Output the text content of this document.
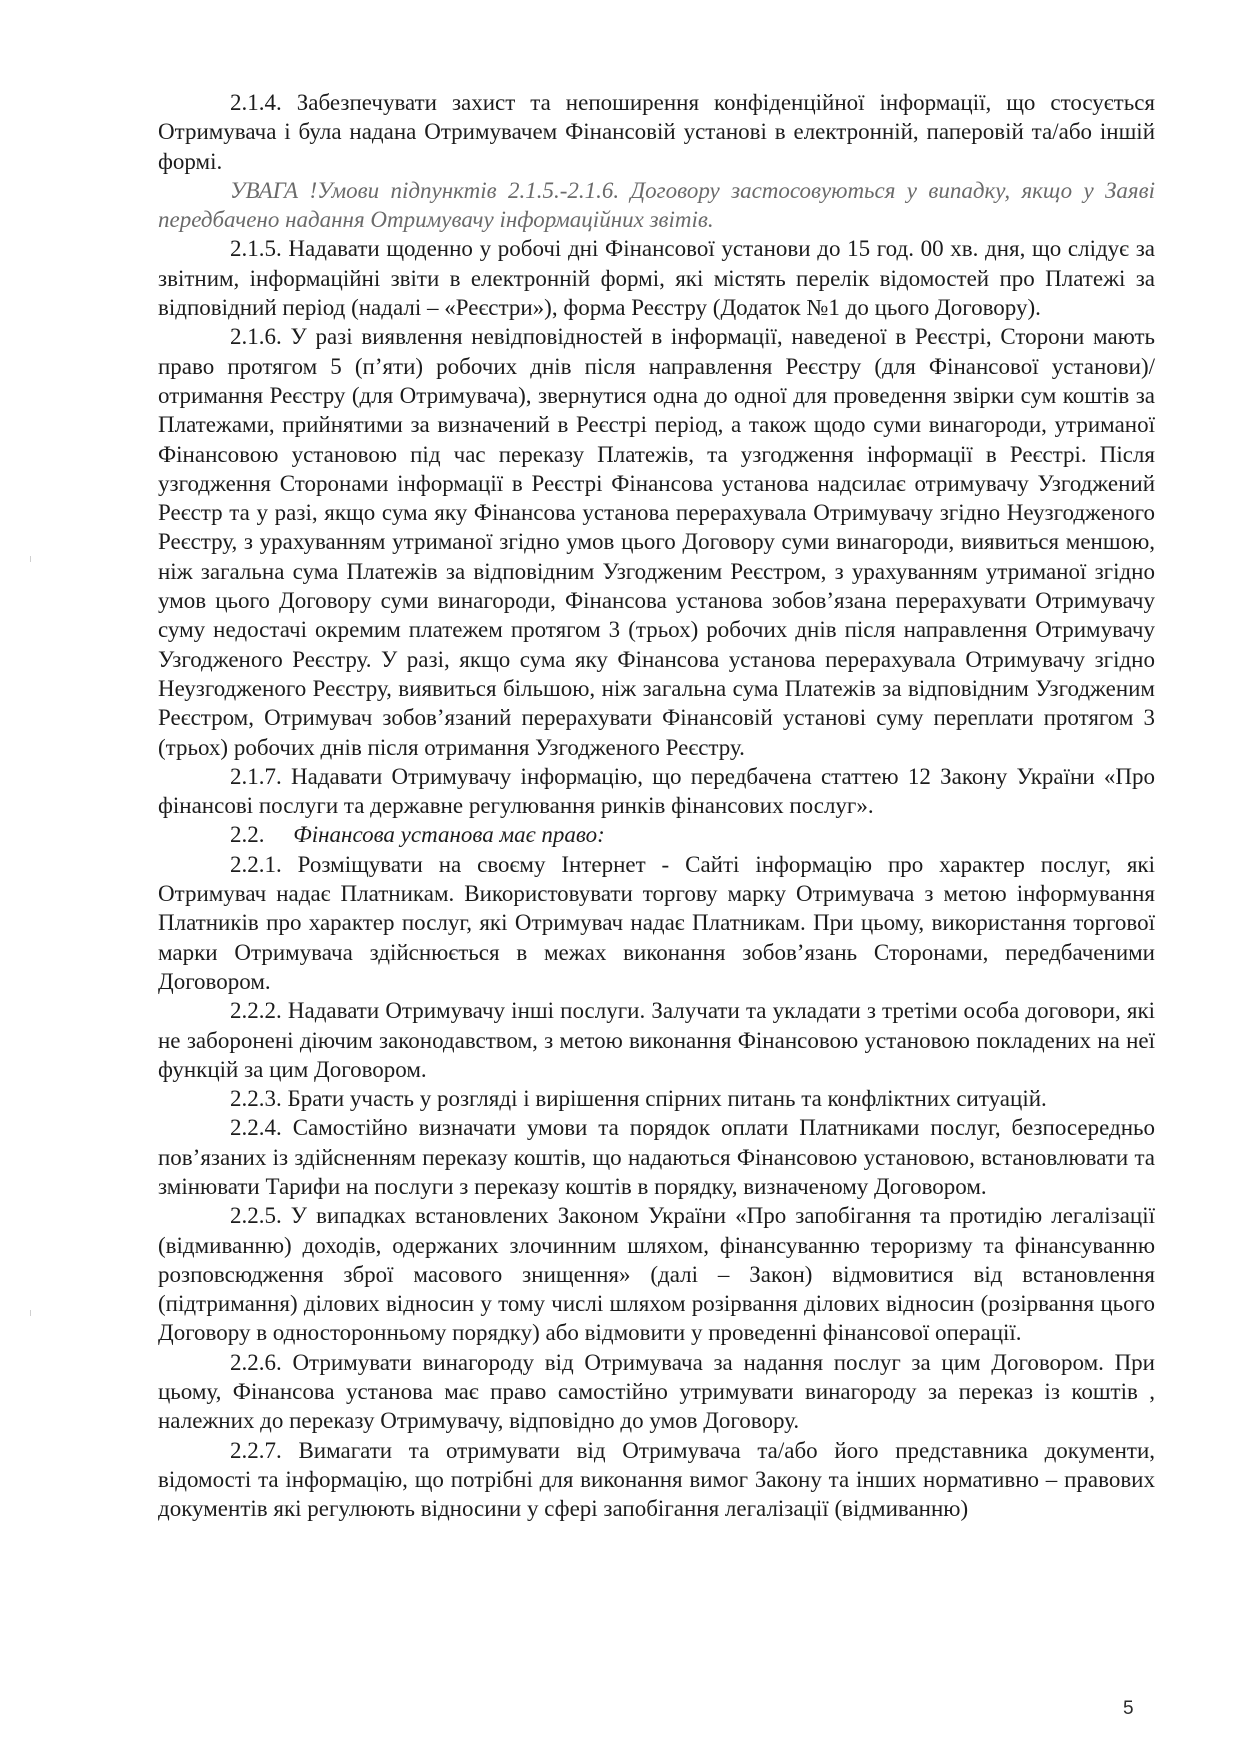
2.1.4. Забезпечувати захист та непоширення конфіденційної інформації, що стосується Отримувача і була надана Отримувачем Фінансовій установі в електронній, паперовій та/або іншій формі.

УВАГА !Умови підпунктів 2.1.5.-2.1.6. Договору застосовуються у випадку, якщо у Заяві передбачено надання Отримувачу інформаційних звітів.

2.1.5. Надавати щоденно у робочі дні Фінансової установи до 15 год. 00 хв. дня, що слідує за звітним, інформаційні звіти в електронній формі, які містять перелік відомостей про Платежі за відповідний період (надалі – «Реєстри»), форма Реєстру (Додаток №1 до цього Договору).

2.1.6. У разі виявлення невідповідностей в інформації, наведеної в Реєстрі, Сторони мають право протягом 5 (п’яти) робочих днів після направлення Реєстру (для Фінансової установи)/отримання Реєстру (для Отримувача), звернутися одна до одної для проведення звірки сум коштів за Платежами, прийнятими за визначений в Реєстрі період, а також щодо суми винагороди, утриманої Фінансовою установою під час переказу Платежів, та узгодження інформації в Реєстрі. Після узгодження Сторонами інформації в Реєстрі Фінансова установа надсилає отримувачу Узгоджений Реєстр та у разі, якщо сума яку Фінансова установа перерахувала Отримувачу згідно Неузгодженого Реєстру, з урахуванням утриманої згідно умов цього Договору суми винагороди, виявиться меншою, ніж загальна сума Платежів за відповідним Узгодженим Реєстром, з урахуванням утриманої згідно умов цього Договору суми винагороди, Фінансова установа зобов’язана перерахувати Отримувачу суму недостачі окремим платежем протягом 3 (трьох) робочих днів після направлення Отримувачу Узгодженого Реєстру. У разі, якщо сума яку Фінансова установа перерахувала Отримувачу згідно Неузгодженого Реєстру, виявиться більшою, ніж загальна сума Платежів за відповідним Узгодженим Реєстром, Отримувач зобов’язаний перерахувати Фінансовій установі суму переплати протягом 3 (трьох) робочих днів після отримання Узгодженого Реєстру.

2.1.7. Надавати Отримувачу інформацію, що передбачена статтею 12 Закону України «Про фінансові послуги та державне регулювання ринків фінансових послуг».

2.2. Фінансова установа має право:

2.2.1. Розміщувати на своєму Інтернет - Сайті інформацію про характер послуг, які Отримувач надає Платникам. Використовувати торгову марку Отримувача з метою інформування Платників про характер послуг, які Отримувач надає Платникам. При цьому, використання торгової марки Отримувача здійснюється в межах виконання зобов’язань Сторонами, передбаченими Договором.

2.2.2. Надавати Отримувачу інші послуги. Залучати та укладати з третіми особа договори, які не заборонені діючим законодавством, з метою виконання Фінансовою установою покладених на неї функцій за цим Договором.

2.2.3. Брати участь у розгляді і вирішення спірних питань та конфліктних ситуацій.

2.2.4. Самостійно визначати умови та порядок оплати Платниками послуг, безпосередньо пов’язаних із здійсненням переказу коштів, що надаються Фінансовою установою, встановлювати та змінювати Тарифи на послуги з переказу коштів в порядку, визначеному Договором.

2.2.5. У випадках встановлених Законом України «Про запобігання та протидію легалізації (відмиванню) доходів, одержаних злочинним шляхом, фінансуванню тероризму та фінансуванню розповсюдження зброї масового знищення» (далі – Закон) відмовитися від встановлення (підтримання) ділових відносин у тому числі шляхом розірвання ділових відносин (розірвання цього Договору в односторонньому порядку) або відмовити у проведенні фінансової операції.

2.2.6. Отримувати винагороду від Отримувача за надання послуг за цим Договором. При цьому, Фінансова установа має право самостійно утримувати винагороду за переказ із коштів , належних до переказу Отримувачу, відповідно до умов Договору.

2.2.7. Вимагати та отримувати від Отримувача та/або його представника документи, відомості та інформацію, що потрібні для виконання вимог Закону та інших нормативно – правових документів які регулюють відносини у сфері запобігання легалізації (відмиванню)

5
